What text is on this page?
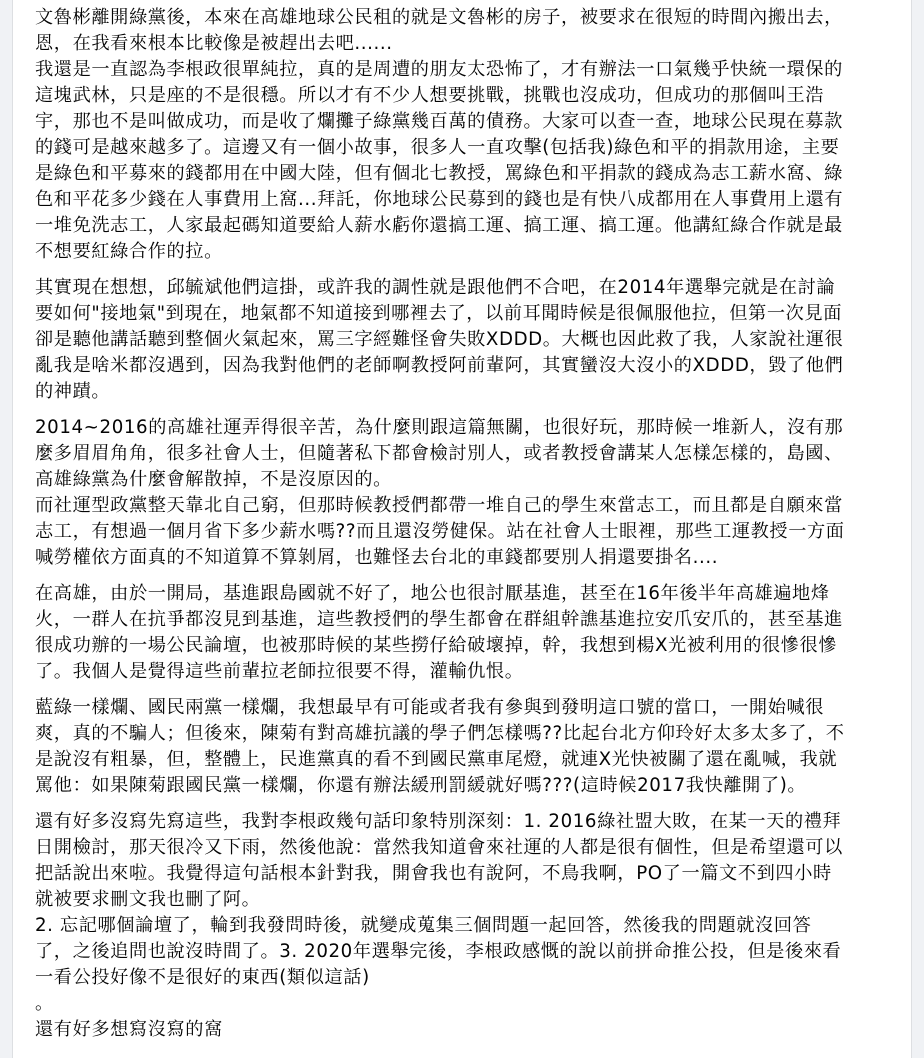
文魯彬離開綠黨後，本來在高雄地球公民租的就是文魯彬的房子，被要求在很短的時間內搬出去，
恩，在我看來根本比較像是被趕出去吧......
我還是一直認為李根政很單純拉，真的是周遭的朋友太恐怖了，才有辦法一口氣幾乎快統一環保的
這塊武林，只是座的不是很穩。所以才有不少人想要挑戰，挑戰也沒成功，但成功的那個叫王浩
宇，那也不是叫做成功，而是收了爛攤子綠黨幾百萬的債務。大家可以查一查，地球公民現在募款
的錢可是越來越多了。這邊又有一個小故事，很多人一直攻擊(包括我)綠色和平的捐款用途，主要
是綠色和平募來的錢都用在中國大陸，但有個北七教授，罵綠色和平捐款的錢成為志工薪水窩、綠
色和平花多少錢在人事費用上窩...拜託，你地球公民募到的錢也是有快八成都用在人事費用上還有
一堆免洗志工，人家最起碼知道要給人薪水虧你還搞工運、搞工運、搞工運。他講紅綠合作就是最
不想要紅綠合作的拉。
其實現在想想，邱毓斌他們這掛，或許我的調性就是跟他們不合吧，在2014年選舉完就是在討論
要如何"接地氣"到現在，地氣都不知道接到哪裡去了，以前耳聞時候是很佩服他拉，但第一次見面
卻是聽他講話聽到整個火氣起來，罵三字經難怪會失敗XDDD。大概也因此救了我，人家說社運很
亂我是啥米都沒遇到，因為我對他們的老師啊教授阿前輩阿，其實蠻沒大沒小的XDDD，毀了他們
的神蹟。
2014~2016的高雄社運弄得很辛苦，為什麼則跟這篇無關，也很好玩，那時候一堆新人，沒有那
麼多眉眉角角，很多社會人士，但隨著私下都會檢討別人，或者教授會講某人怎樣怎樣的，島國、
高雄綠黨為什麼會解散掉，不是沒原因的。
而社運型政黨整天靠北自己窮，但那時候教授們都帶一堆自己的學生來當志工，而且都是自願來當
志工，有想過一個月省下多少薪水嗎??而且還沒勞健保。站在社會人士眼裡，那些工運教授一方面
喊勞權依方面真的不知道算不算剝屑，也難怪去台北的車錢都要別人捐還要掛名....
在高雄，由於一開局，基進跟島國就不好了，地公也很討厭基進，甚至在16年後半年高雄遍地烽
火，一群人在抗爭都沒見到基進，這些教授們的學生都會在群組幹譙基進拉安爪安爪的，甚至基進
很成功辦的一場公民論壇，也被那時候的某些撈仔給破壞掉，幹，我想到楊X光被利用的很慘很慘
了。我個人是覺得這些前輩拉老師拉很要不得，灌輸仇恨。
藍綠一樣爛、國民兩黨一樣爛，我想最早有可能或者我有參與到發明這口號的當口，一開始喊很
爽，真的不騙人；但後來，陳菊有對高雄抗議的學子們怎樣嗎??比起台北方仰玲好太多太多了，不
是說沒有粗暴，但，整體上，民進黨真的看不到國民黨車尾燈，就連X光快被關了還在亂喊，我就
罵他：如果陳菊跟國民黨一樣爛，你還有辦法緩刑罰緩就好嗎???(這時候2017我快離開了)。
還有好多沒寫先寫這些，我對李根政幾句話印象特別深刻：1. 2016綠社盟大敗，在某一天的禮拜
日開檢討，那天很冷又下雨，然後他說：當然我知道會來社運的人都是很有個性，但是希望還可以
把話說出來啦。我覺得這句話根本針對我，開會我也有說阿，不鳥我啊，PO了一篇文不到四小時
就被要求刪文我也刪了阿。
2. 忘記哪個論壇了，輪到我發問時後，就變成蒐集三個問題一起回答，然後我的問題就沒回答
了，之後追問也說沒時間了。3. 2020年選舉完後，李根政感慨的說以前拼命推公投，但是後來看
一看公投好像不是很好的東西(類似這話)
。
還有好多想寫沒寫的窩
